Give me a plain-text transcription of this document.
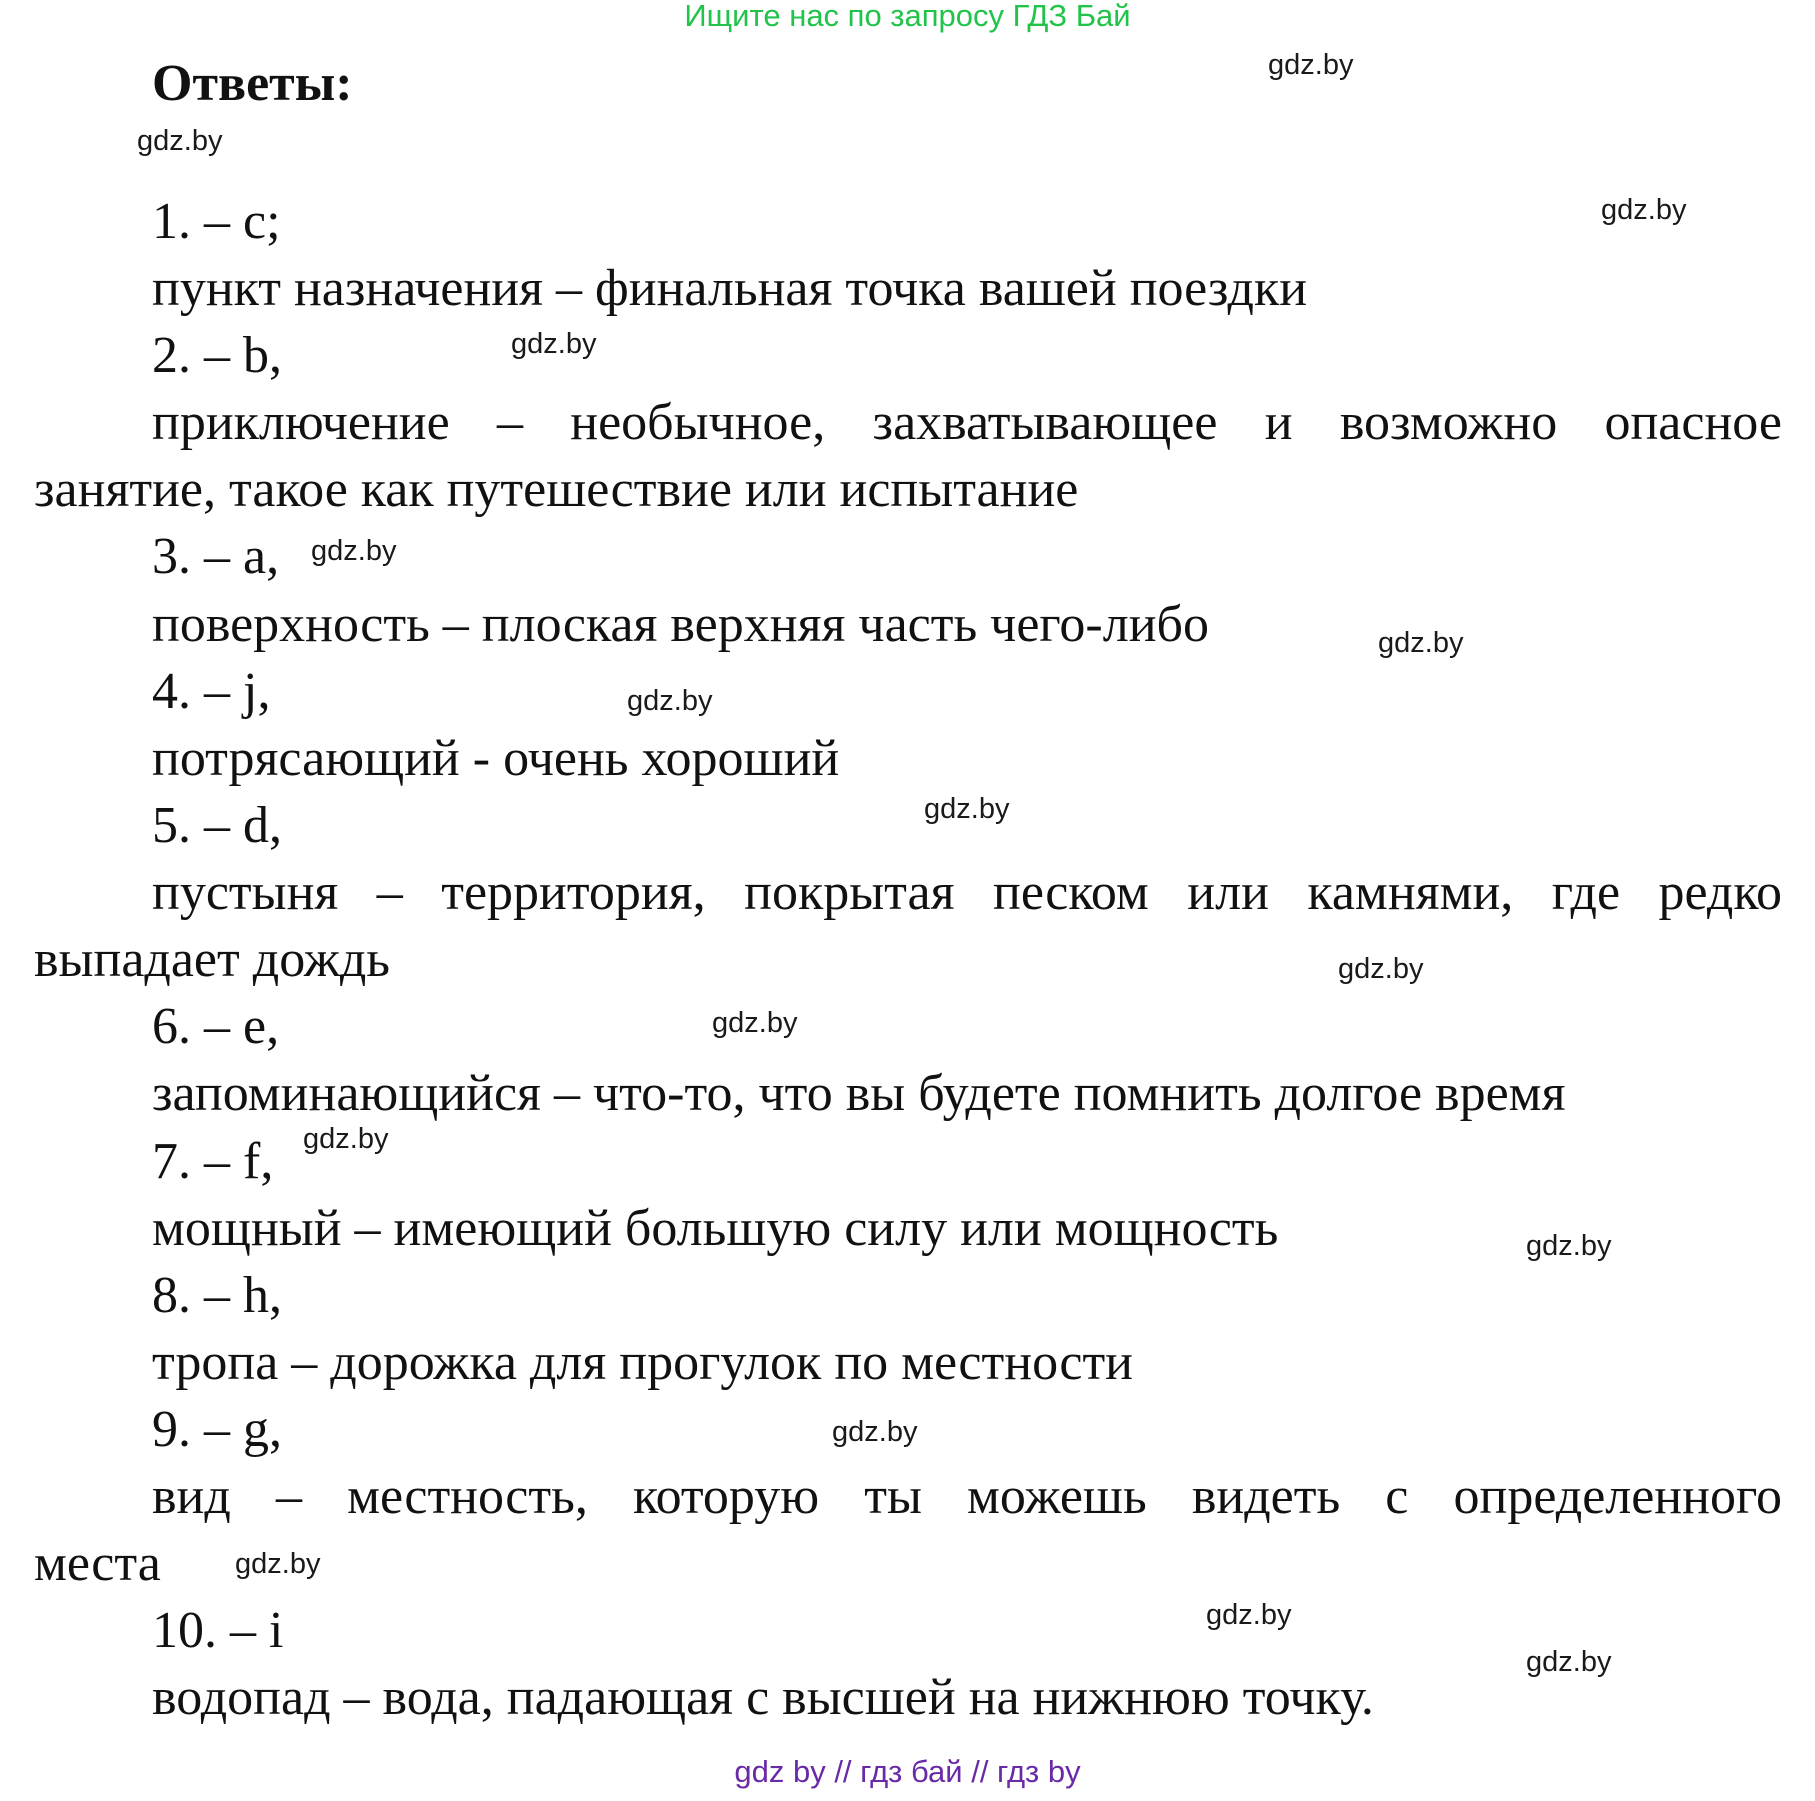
Ищите нас по запросу ГДЗ Бай
Ответы:
1. – c;
пункт назначения – финальная точка вашей поездки
2. – b,
приключение – необычное, захватывающее и возможно опасное
занятие, такое как путешествие или испытание
3. – a,
поверхность – плоская верхняя часть чего-либо
4. – j,
потрясающий - очень хороший
5. – d,
пустыня – территория, покрытая песком или камнями, где редко
выпадает дождь
6. – e,
запоминающийся – что-то, что вы будете помнить долгое время
7. – f,
мощный – имеющий большую силу или мощность
8. – h,
тропа – дорожка для прогулок по местности
9. – g,
вид – местность, которую ты можешь видеть с определенного
места
10. – i
водопад – вода, падающая с высшей на нижнюю точку.
gdz.by
gdz.by
gdz.by
gdz.by
gdz.by
gdz.by
gdz.by
gdz.by
gdz.by
gdz.by
gdz.by
gdz.by
gdz.by
gdz.by
gdz.by
gdz.by
gdz by // гдз бай // гдз by
